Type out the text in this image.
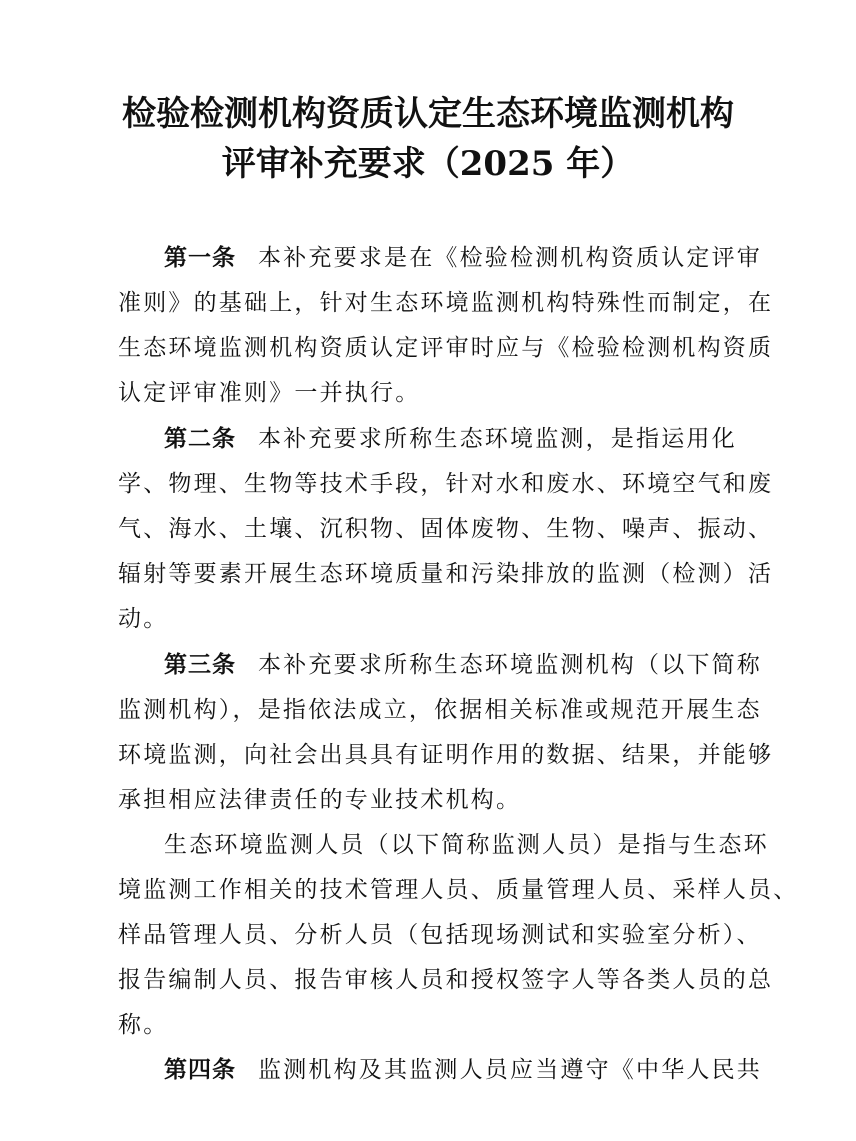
检验检测机构资质认定生态环境监测机构
评审补充要求（2025 年）
第一条 本补充要求是在《检验检测机构资质认定评审
准则》的基础上，针对生态环境监测机构特殊性而制定，在
生态环境监测机构资质认定评审时应与《检验检测机构资质
认定评审准则》一并执行。
第二条 本补充要求所称生态环境监测，是指运用化
学、物理、生物等技术手段，针对水和废水、环境空气和废
气、海水、土壤、沉积物、固体废物、生物、噪声、振动、
辐射等要素开展生态环境质量和污染排放的监测（检测）活
动。
第三条 本补充要求所称生态环境监测机构（以下简称
监测机构），是指依法成立，依据相关标准或规范开展生态
环境监测，向社会出具具有证明作用的数据、结果，并能够
承担相应法律责任的专业技术机构。
生态环境监测人员（以下简称监测人员）是指与生态环
境监测工作相关的技术管理人员、质量管理人员、采样人员、
样品管理人员、分析人员（包括现场测试和实验室分析）、
报告编制人员、报告审核人员和授权签字人等各类人员的总
称。
第四条 监测机构及其监测人员应当遵守《中华人民共
